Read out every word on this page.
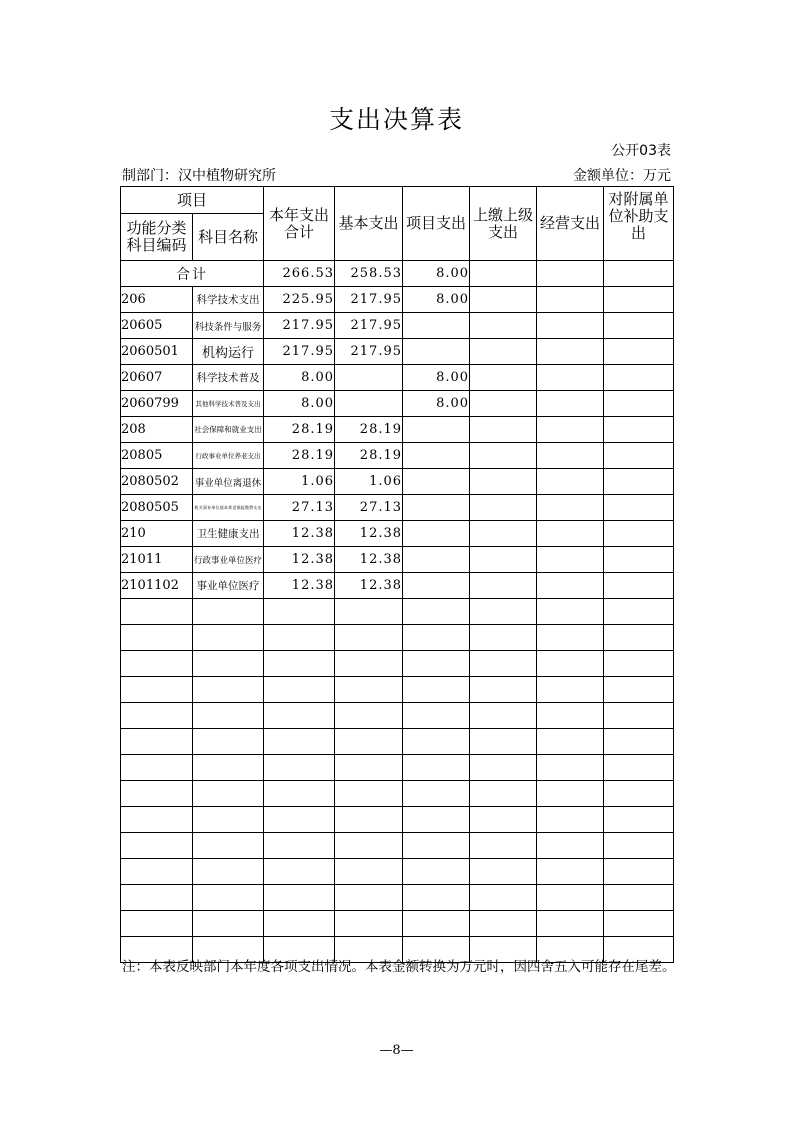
支出决算表
公开03表
制部门：汉中植物研究所	金额单位：万元
项目		本年支出合计	基本支出	项目支出	上缴上级支出	经营支出	对附属单位补助支出

功能分类科目编码	科目名称						
合计		266.53	258.53	8.00			
206	科学技术支出	225.95	217.95	8.00			
20605	科技条件与服务	217.95	217.95				
2060501	机构运行	217.95	217.95				
20607	科学技术普及	8.00		8.00			
2060799	其他科学技术普及支出	8.00		8.00			
208	社会保障和就业支出	28.19	28.19				
20805	行政事业单位养老支出	28.19	28.19				
2080502	事业单位离退休	1.06	1.06				
2080505	机关事业单位基本养老保险缴费支出	27.13	27.13				
210	卫生健康支出	12.38	12.38				
21011	行政事业单位医疗	12.38	12.38				
2101102	事业单位医疗	12.38	12.38				

注：本表反映部门本年度各项支出情况。本表金额转换为万元时，因四舍五入可能存在尾差。
—8—
